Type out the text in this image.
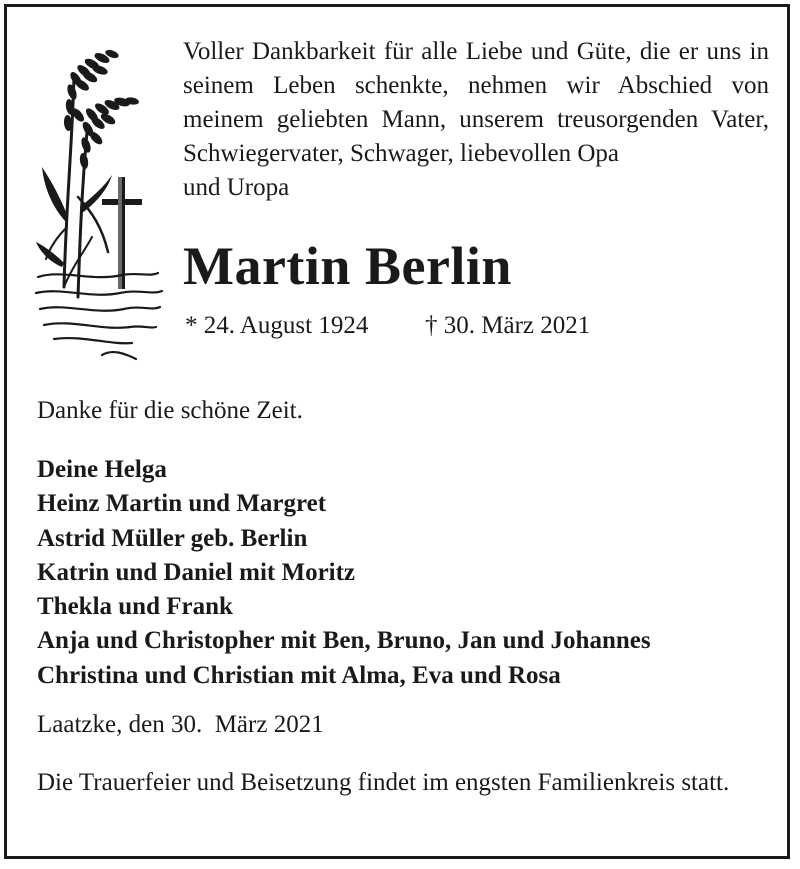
Voller Dankbarkeit für alle Liebe und Güte, die er uns in seinem Leben schenkte, nehmen wir Abschied von meinem geliebten Mann, unserem treusorgenden Vater, Schwiegervater, Schwager, liebevollen Opa
und Uropa

Martin Berlin
* 24. August 1924 † 30. März 2021
Danke für die schöne Zeit.
Deine Helga
Heinz Martin und Margret
Astrid Müller geb. Berlin
Katrin und Daniel mit Moritz
Thekla und Frank
Anja und Christopher mit Ben, Bruno, Jan und Johannes
Christina und Christian mit Alma, Eva und Rosa
Laatzke, den 30.  März 2021

Die Trauerfeier und Beisetzung findet im engsten Familienkreis statt.
